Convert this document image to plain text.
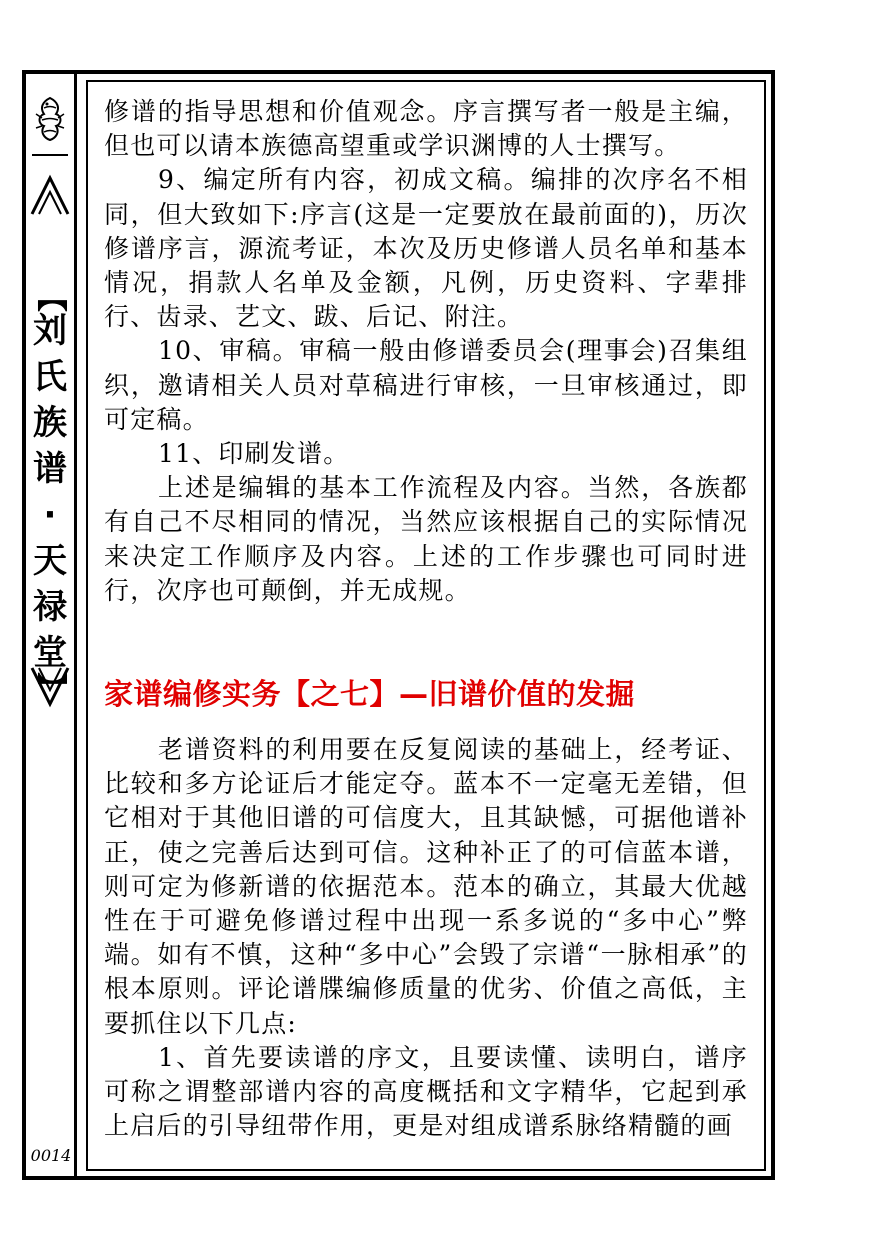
【
刘
氏
族
谱
·
天
禄
堂
】
0014

修谱的指导思想和价值观念。序言撰写者一般是主编，但也可以请本族德高望重或学识渊博的人士撰写。

9、编定所有内容，初成文稿。编排的次序名不相同，但大致如下:序言(这是一定要放在最前面的)，历次修谱序言，源流考证，本次及历史修谱人员名单和基本情况，捐款人名单及金额，凡例，历史资料、字辈排行、齿录、艺文、跋、后记、附注。

10、审稿。审稿一般由修谱委员会(理事会)召集组织，邀请相关人员对草稿进行审核，一旦审核通过，即可定稿。

11、印刷发谱。

上述是编辑的基本工作流程及内容。当然，各族都有自己不尽相同的情况，当然应该根据自己的实际情况来决定工作顺序及内容。上述的工作步骤也可同时进行，次序也可颠倒，并无成规。

家谱编修实务【之七】—旧谱价值的发掘

老谱资料的利用要在反复阅读的基础上，经考证、比较和多方论证后才能定夺。蓝本不一定毫无差错，但它相对于其他旧谱的可信度大，且其缺憾，可据他谱补正，使之完善后达到可信。这种补正了的可信蓝本谱，则可定为修新谱的依据范本。范本的确立，其最大优越性在于可避免修谱过程中出现一系多说的“多中心”弊端。如有不慎，这种“多中心”会毁了宗谱“一脉相承”的根本原则。评论谱牒编修质量的优劣、价值之高低，主要抓住以下几点:

1、首先要读谱的序文，且要读懂、读明白，谱序可称之谓整部谱内容的高度概括和文字精华，它起到承上启后的引导纽带作用，更是对组成谱系脉络精髓的画
